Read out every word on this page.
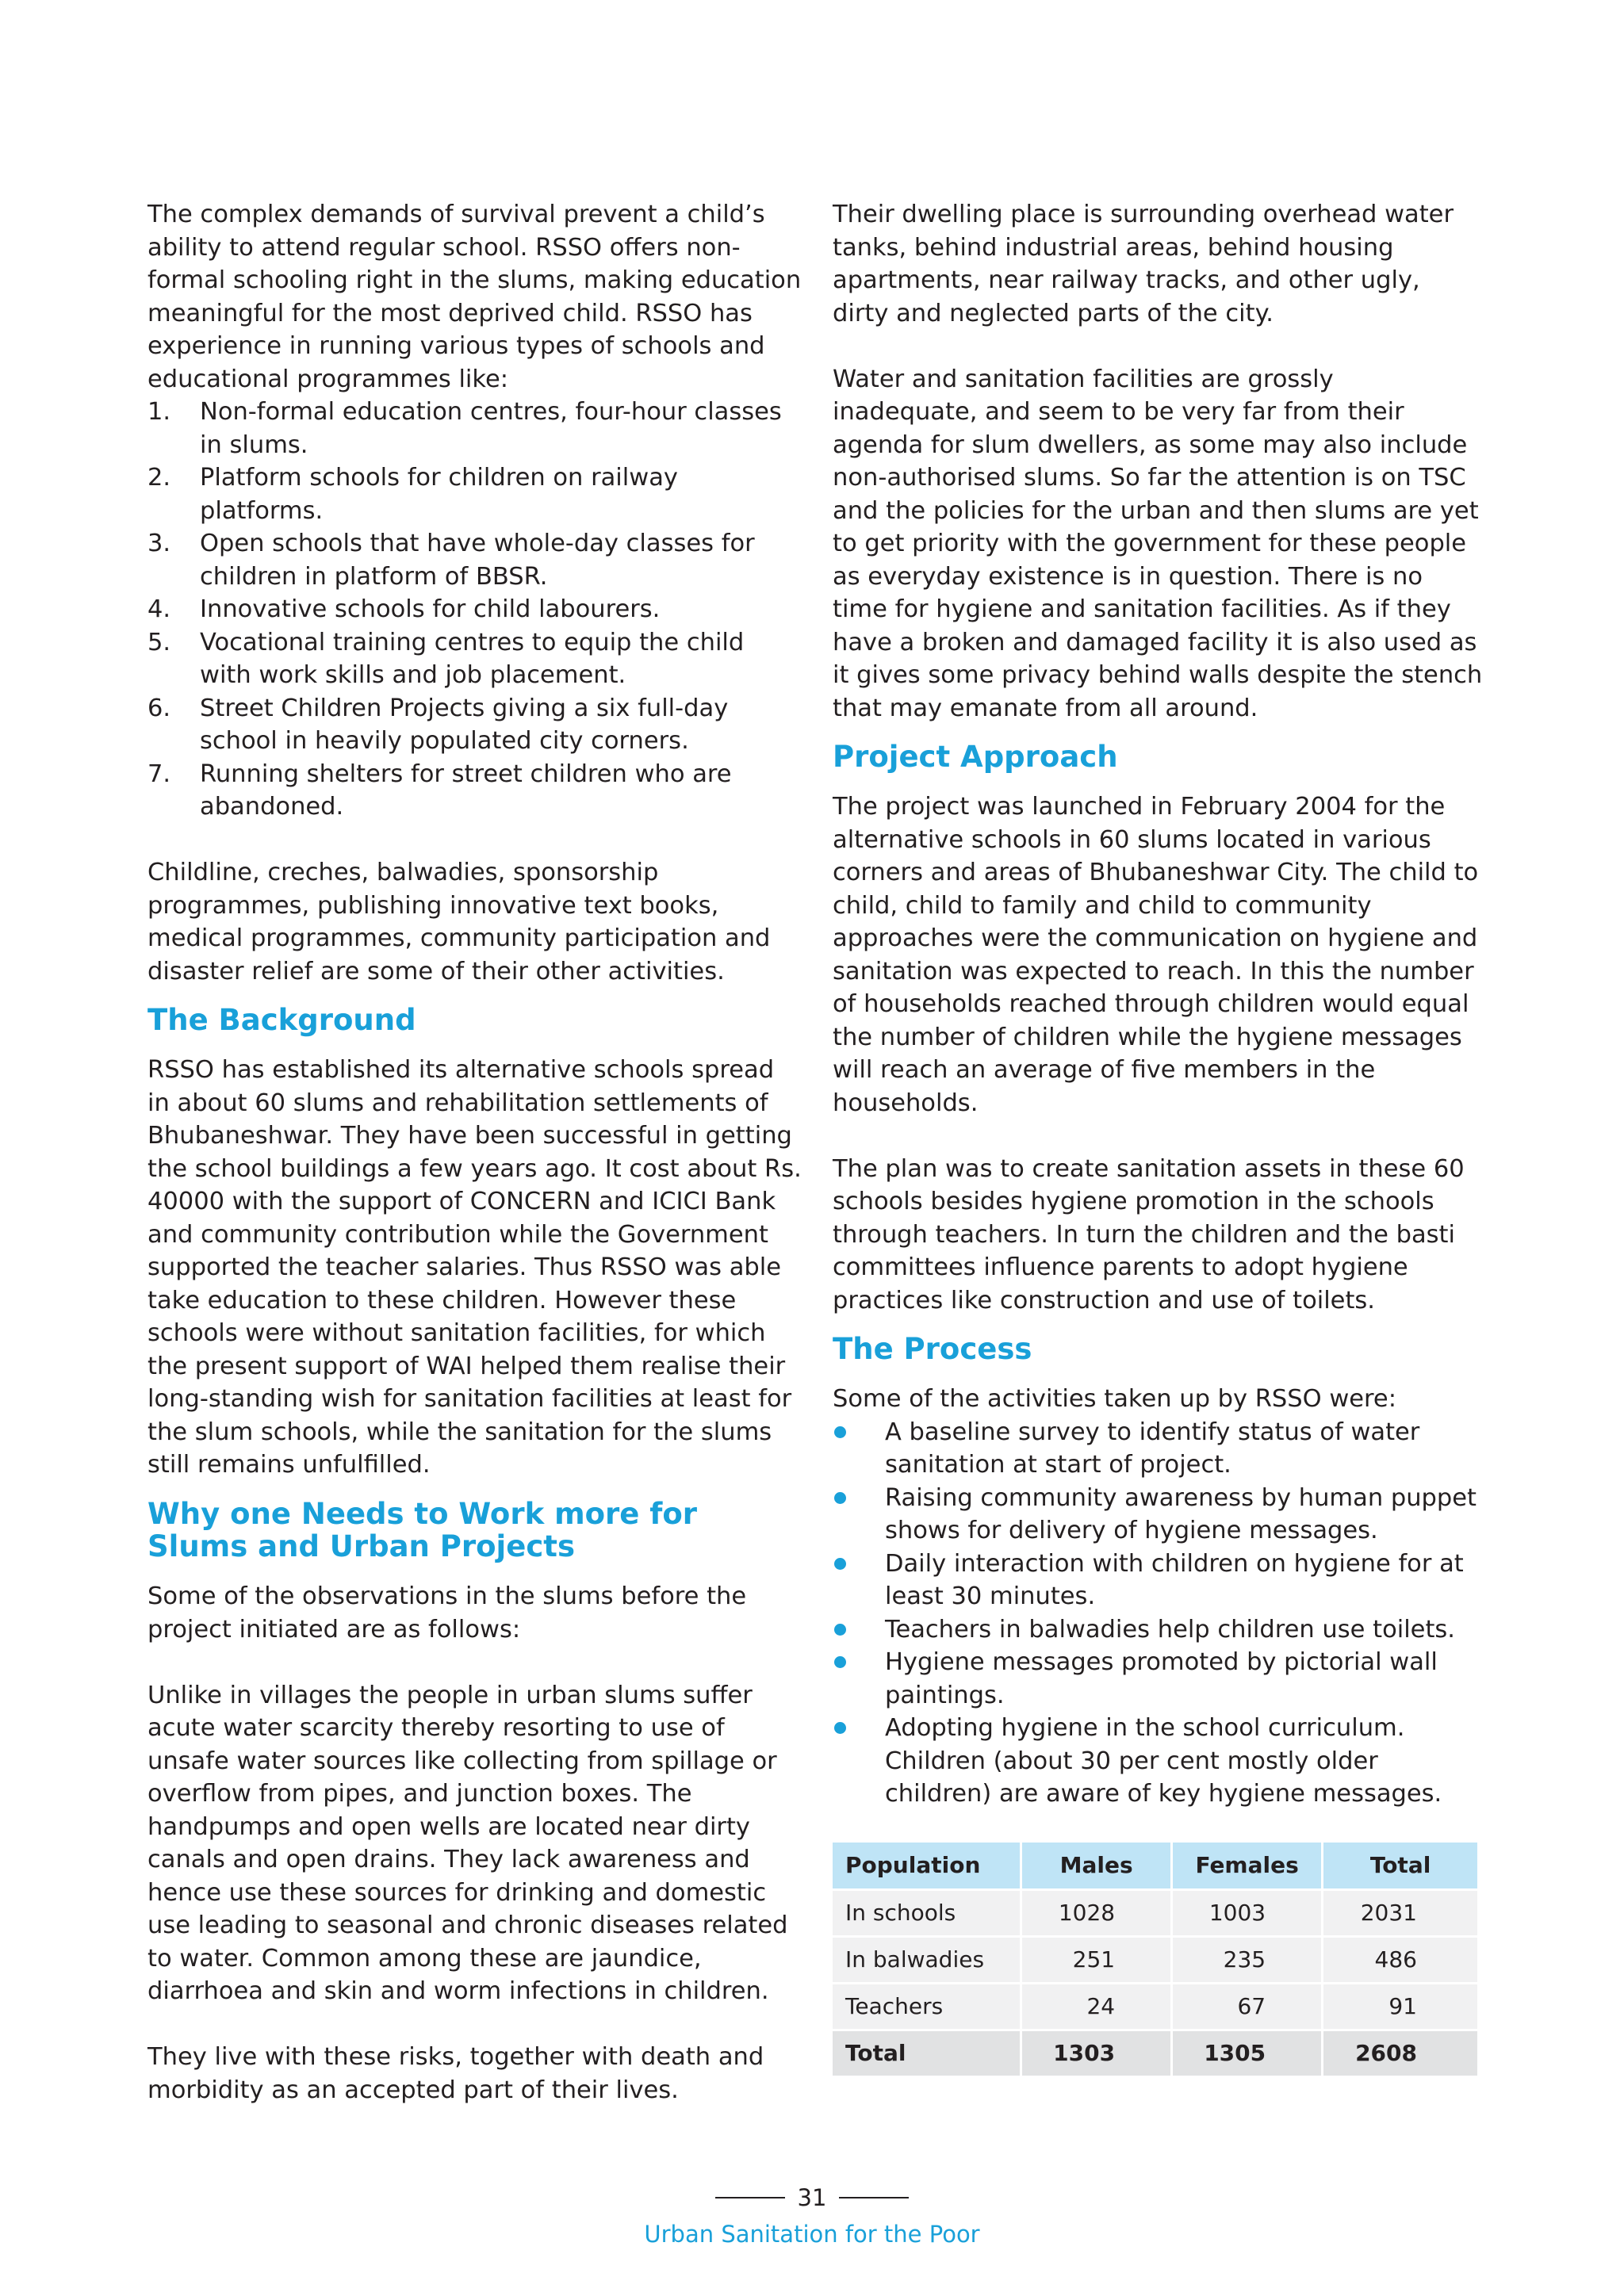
The complex demands of survival prevent a child’s ability to attend regular school. RSSO offers non-formal schooling right in the slums, making education meaningful for the most deprived child. RSSO has experience in running various types of schools and educational programmes like:

1. Non-formal education centres, four-hour classes in slums.
2. Platform schools for children on railway platforms.
3. Open schools that have whole-day classes for children in platform of BBSR.
4. Innovative schools for child labourers.
5. Vocational training centres to equip the child with work skills and job placement.
6. Street Children Projects giving a six full-day school in heavily populated city corners.
7. Running shelters for street children who are abandoned.

Childline, creches, balwadies, sponsorship programmes, publishing innovative text books, medical programmes, community participation and disaster relief are some of their other activities.

The Background

RSSO has established its alternative schools spread in about 60 slums and rehabilitation settlements of Bhubaneshwar. They have been successful in getting the school buildings a few years ago. It cost about Rs. 40000 with the support of CONCERN and ICICI Bank and community contribution while the Government supported the teacher salaries. Thus RSSO was able take education to these children. However these schools were without sanitation facilities, for which the present support of WAI helped them realise their long-standing wish for sanitation facilities at least for the slum schools, while the sanitation for the slums still remains unfulfilled.

Why one Needs to Work more for Slums and Urban Projects

Some of the observations in the slums before the project initiated are as follows:

Unlike in villages the people in urban slums suffer acute water scarcity thereby resorting to use of unsafe water sources like collecting from spillage or overflow from pipes, and junction boxes. The handpumps and open wells are located near dirty canals and open drains. They lack awareness and hence use these sources for drinking and domestic use leading to seasonal and chronic diseases related to water. Common among these are jaundice, diarrhoea and skin and worm infections in children.

They live with these risks, together with death and morbidity as an accepted part of their lives.

Their dwelling place is surrounding overhead water tanks, behind industrial areas, behind housing apartments, near railway tracks, and other ugly, dirty and neglected parts of the city.

Water and sanitation facilities are grossly inadequate, and seem to be very far from their agenda for slum dwellers, as some may also include non-authorised slums. So far the attention is on TSC and the policies for the urban and then slums are yet to get priority with the government for these people as everyday existence is in question. There is no time for hygiene and sanitation facilities. As if they have a broken and damaged facility it is also used as it gives some privacy behind walls despite the stench that may emanate from all around.

Project Approach

The project was launched in February 2004 for the alternative schools in 60 slums located in various corners and areas of Bhubaneshwar City. The child to child, child to family and child to community approaches were the communication on hygiene and sanitation was expected to reach. In this the number of households reached through children would equal the number of children while the hygiene messages will reach an average of five members in the households.

The plan was to create sanitation assets in these 60 schools besides hygiene promotion in the schools through teachers. In turn the children and the basti committees influence parents to adopt hygiene practices like construction and use of toilets.

The Process

Some of the activities taken up by RSSO were:

A baseline survey to identify status of water sanitation at start of project.
Raising community awareness by human puppet shows for delivery of hygiene messages.
Daily interaction with children on hygiene for at least 30 minutes.
Teachers in balwadies help children use toilets.
Hygiene messages promoted by pictorial wall paintings.
Adopting hygiene in the school curriculum. Children (about 30 per cent mostly older children) are aware of key hygiene messages.
Population	Males	Females	Total
In schools	1028	1003	2031
In balwadies	251	235	486
Teachers	24	67	91
Total	1303	1305	2608
31
Urban Sanitation for the Poor
